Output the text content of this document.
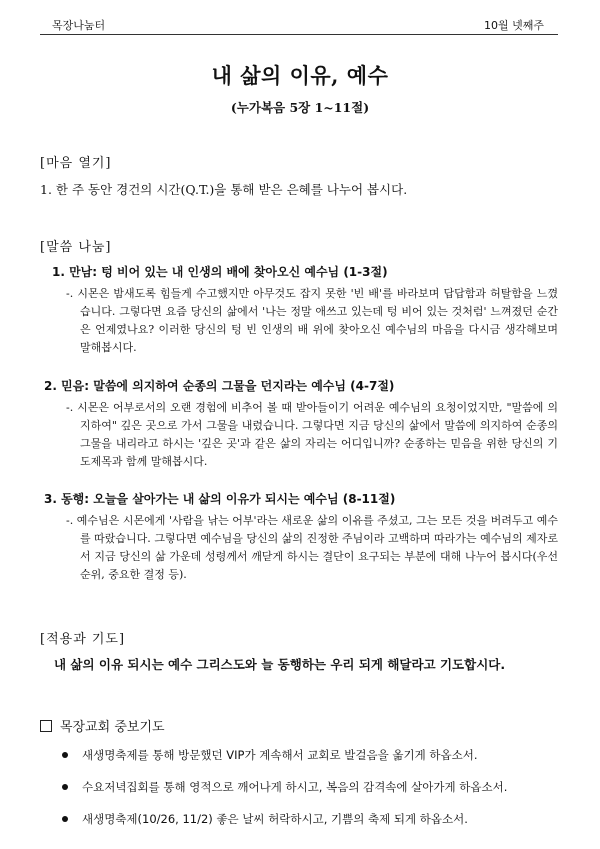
목장나눔터	10월 넷째주
내 삶의 이유, 예수
(누가복음 5장 1~11절)
[마음 열기]
1. 한 주 동안 경건의 시간(Q.T.)을 통해 받은 은혜를 나누어 봅시다.
[말씀 나눔]
1. 만남: 텅 비어 있는 내 인생의 배에 찾아오신 예수님 (1-3절)
-. 시몬은 밤새도록 힘들게 수고했지만 아무것도 잡지 못한 '빈 배'를 바라보며 답답함과 허탈함을 느꼈습니다. 그렇다면 요즘 당신의 삶에서 '나는 정말 애쓰고 있는데 텅 비어 있는 것처럼' 느껴졌던 순간은 언제였나요? 이러한 당신의 텅 빈 인생의 배 위에 찾아오신 예수님의 마음을 다시금 생각해보며 말해봅시다.
2. 믿음: 말씀에 의지하여 순종의 그물을 던지라는 예수님 (4-7절)
-. 시몬은 어부로서의 오랜 경험에 비추어 볼 때 받아들이기 어려운 예수님의 요청이었지만, "말씀에 의지하여" 깊은 곳으로 가서 그물을 내렸습니다. 그렇다면 지금 당신의 삶에서 말씀에 의지하여 순종의 그물을 내리라고 하시는 '깊은 곳'과 같은 삶의 자리는 어디입니까? 순종하는 믿음을 위한 당신의 기도제목과 함께 말해봅시다.
3. 동행: 오늘을 살아가는 내 삶의 이유가 되시는 예수님 (8-11절)
-. 예수님은 시몬에게 '사람을 낚는 어부'라는 새로운 삶의 이유를 주셨고, 그는 모든 것을 버려두고 예수를 따랐습니다. 그렇다면 예수님을 당신의 삶의 진정한 주님이라 고백하며 따라가는 예수님의 제자로서 지금 당신의 삶 가운데 성령께서 깨닫게 하시는 결단이 요구되는 부분에 대해 나누어 봅시다(우선순위, 중요한 결정 등).
[적용과 기도]
내 삶의 이유 되시는 예수 그리스도와 늘 동행하는 우리 되게 해달라고 기도합시다.
목장교회 중보기도
새생명축제를 통해 방문했던 VIP가 계속해서 교회로 발걸음을 옮기게 하옵소서.
수요저녁집회를 통해 영적으로 깨어나게 하시고, 복음의 감격속에 살아가게 하옵소서.
새생명축제(10/26, 11/2) 좋은 날씨 허락하시고, 기쁨의 축제 되게 하옵소서.
